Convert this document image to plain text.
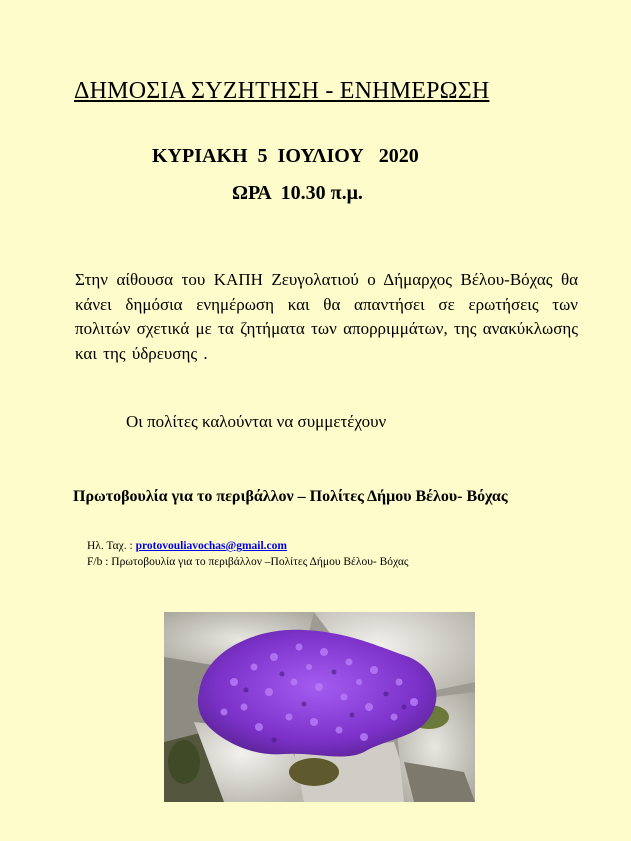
ΔΗΜΟΣΙΑ ΣΥΖΗΤΗΣΗ - ΕΝΗΜΕΡΩΣΗ
ΚΥΡΙΑΚΗ  5  ΙΟΥΛΙΟΥ   2020
ΩΡΑ  10.30 π.μ.
Στην αίθουσα του ΚΑΠΗ Ζευγολατιού ο Δήμαρχος Βέλου-Βόχας θα κάνει δημόσια ενημέρωση και θα απαντήσει σε ερωτήσεις των πολιτών σχετικά με τα ζητήματα των απορριμμάτων, της ανακύκλωσης και της ύδρευσης .
Οι πολίτες καλούνται να συμμετέχουν
Πρωτοβουλία για το περιβάλλον – Πολίτες Δήμου Βέλου- Βόχας
Ηλ. Ταχ. : protovouliavochas@gmail.com
F/b : Πρωτοβουλία για το περιβάλλον –Πολίτες Δήμου Βέλου- Βόχας
